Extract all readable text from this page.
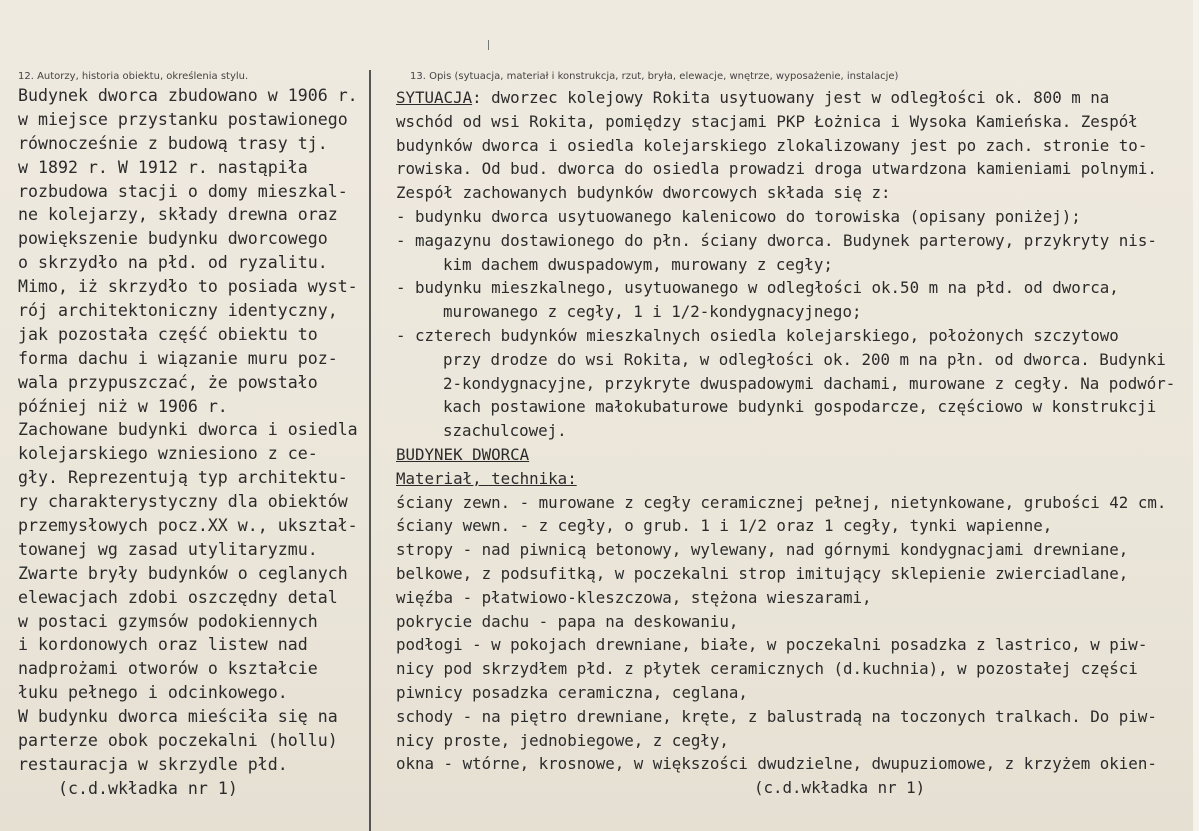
12. Autorzy, historia obiektu, określenia stylu.	13. Opis (sytuacja, materiał i konstrukcja, rzut, bryła, elewacje, wnętrze, wyposażenie, instalacje)
Budynek dworca zbudowano w 1906 r.
w miejsce przystanku postawionego
równocześnie z budową trasy tj.
w 1892 r. W 1912 r. nastąpiła
rozbudowa stacji o domy mieszkal-
ne kolejarzy, składy drewna oraz
powiększenie budynku dworcowego
o skrzydło na płd. od ryzalitu.
Mimo, iż skrzydło to posiada wyst-
rój architektoniczny identyczny,
jak pozostała część obiektu to
forma dachu i wiązanie muru poz-
wala przypuszczać, że powstało
później niż w 1906 r.
Zachowane budynki dworca i osiedla
kolejarskiego wzniesiono z ce-
gły. Reprezentują typ architektu-
ry charakterystyczny dla obiektów
przemysłowych pocz.XX w., ukształ-
towanej wg zasad utylitaryzmu.
Zwarte bryły budynków o ceglanych
elewacjach zdobi oszczędny detal
w postaci gzymsów podokiennych
i kordonowych oraz listew nad
nadprożami otworów o kształcie
łuku pełnego i odcinkowego.
W budynku dworca mieściła się na
parterze obok poczekalni (hollu)
restauracja w skrzydle płd.
(c.d.wkładka nr 1)
SYTUACJA: dworzec kolejowy Rokita usytuowany jest w odległości ok. 800 m na
wschód od wsi Rokita, pomiędzy stacjami PKP Łożnica i Wysoka Kamieńska. Zespół
budynków dworca i osiedla kolejarskiego zlokalizowany jest po zach. stronie to-
rowiska. Od bud. dworca do osiedla prowadzi droga utwardzona kamieniami polnymi.
Zespół zachowanych budynków dworcowych składa się z:
- budynku dworca usytuowanego kalenicowo do torowiska (opisany poniżej);
- magazynu dostawionego do płn. ściany dworca. Budynek parterowy, przykryty nis-
kim dachem dwuspadowym, murowany z cegły;
- budynku mieszkalnego, usytuowanego w odległości ok.50 m na płd. od dworca,
murowanego z cegły, 1 i 1/2-kondygnacyjnego;
- czterech budynków mieszkalnych osiedla kolejarskiego, położonych szczytowo
przy drodze do wsi Rokita, w odległości ok. 200 m na płn. od dworca. Budynki
2-kondygnacyjne, przykryte dwuspadowymi dachami, murowane z cegły. Na podwór-
kach postawione małokubaturowe budynki gospodarcze, częściowo w konstrukcji
szachulcowej.
BUDYNEK DWORCA
Materiał, technika:
ściany zewn. - murowane z cegły ceramicznej pełnej, nietynkowane, grubości 42 cm.
ściany wewn. - z cegły, o grub. 1 i 1/2 oraz 1 cegły, tynki wapienne,
stropy - nad piwnicą betonowy, wylewany, nad górnymi kondygnacjami drewniane,
belkowe, z podsufitką, w poczekalni strop imitujący sklepienie zwierciadlane,
więźba - płatwiowo-kleszczowa, stężona wieszarami,
pokrycie dachu - papa na deskowaniu,
podłogi - w pokojach drewniane, białe, w poczekalni posadzka z lastrico, w piw-
nicy pod skrzydłem płd. z płytek ceramicznych (d.kuchnia), w pozostałej części
piwnicy posadzka ceramiczna, ceglana,
schody - na piętro drewniane, kręte, z balustradą na toczonych tralkach. Do piw-
nicy proste, jednobiegowe, z cegły,
okna - wtórne, krosnowe, w większości dwudzielne, dwupuziomowe, z krzyżem okien-
(c.d.wkładka nr 1)
